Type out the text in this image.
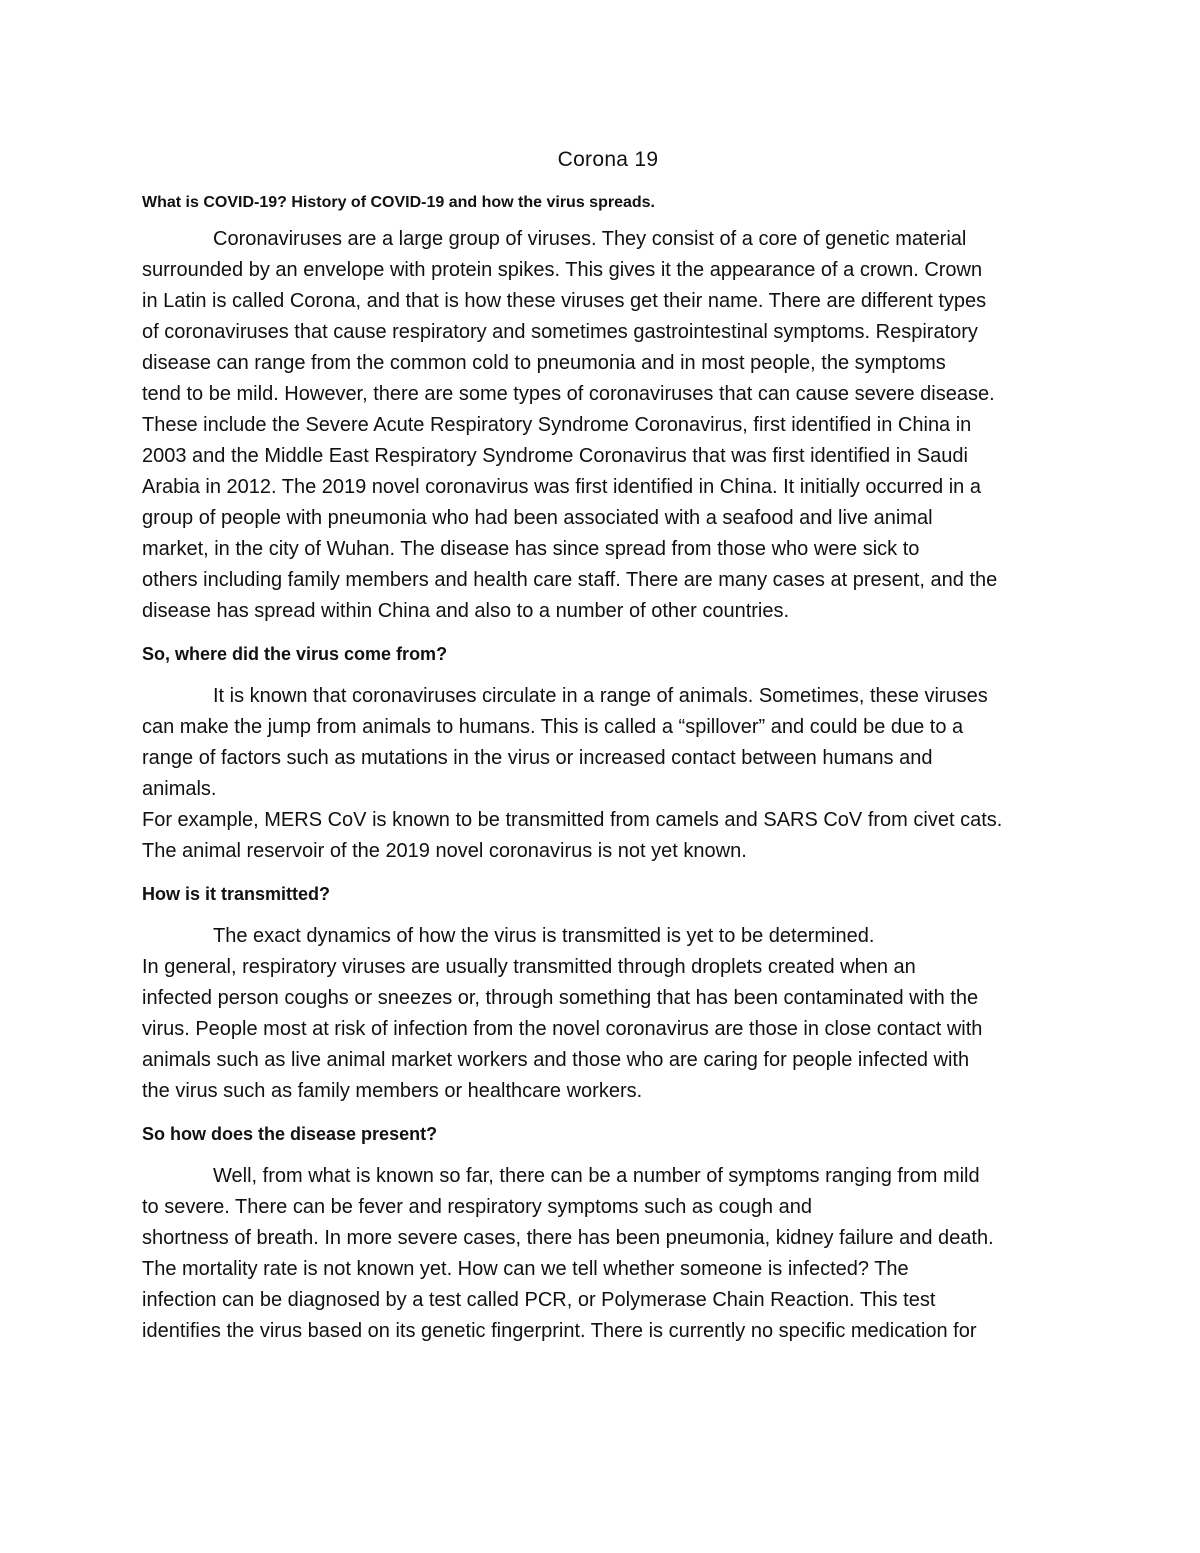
Corona 19
What is COVID-19? History of COVID-19 and how the virus spreads.
Coronaviruses are a large group of viruses. They consist of a core of genetic material
surrounded by an envelope with protein spikes. This gives it the appearance of a crown. Crown
in Latin is called Corona, and that is how these viruses get their name. There are different types
of coronaviruses that cause respiratory and sometimes gastrointestinal symptoms. Respiratory
disease can range from the common cold to pneumonia and in most people, the symptoms
tend to be mild. However, there are some types of coronaviruses that can cause severe disease.
These include the Severe Acute Respiratory Syndrome Coronavirus, first identified in China in
2003 and the Middle East Respiratory Syndrome Coronavirus that was first identified in Saudi
Arabia in 2012. The 2019 novel coronavirus was first identified in China. It initially occurred in a
group of people with pneumonia who had been associated with a seafood and live animal
market, in the city of Wuhan. The disease has since spread from those who were sick to
others including family members and health care staff. There are many cases at present, and the
disease has spread within China and also to a number of other countries.
So, where did the virus come from?
It is known that coronaviruses circulate in a range of animals. Sometimes, these viruses
can make the jump from animals to humans. This is called a “spillover” and could be due to a
range of factors such as mutations in the virus or increased contact between humans and
animals.
For example, MERS CoV is known to be transmitted from camels and SARS CoV from civet cats.
The animal reservoir of the 2019 novel coronavirus is not yet known.
How is it transmitted?
The exact dynamics of how the virus is transmitted is yet to be determined.
In general, respiratory viruses are usually transmitted through droplets created when an
infected person coughs or sneezes or, through something that has been contaminated with the
virus. People most at risk of infection from the novel coronavirus are those in close contact with
animals such as live animal market workers and those who are caring for people infected with
the virus such as family members or healthcare workers.
So how does the disease present?
Well, from what is known so far, there can be a number of symptoms ranging from mild
to severe. There can be fever and respiratory symptoms such as cough and
shortness of breath. In more severe cases, there has been pneumonia, kidney failure and death.
The mortality rate is not known yet. How can we tell whether someone is infected? The
infection can be diagnosed by a test called PCR, or Polymerase Chain Reaction. This test
identifies the virus based on its genetic fingerprint. There is currently no specific medication for
